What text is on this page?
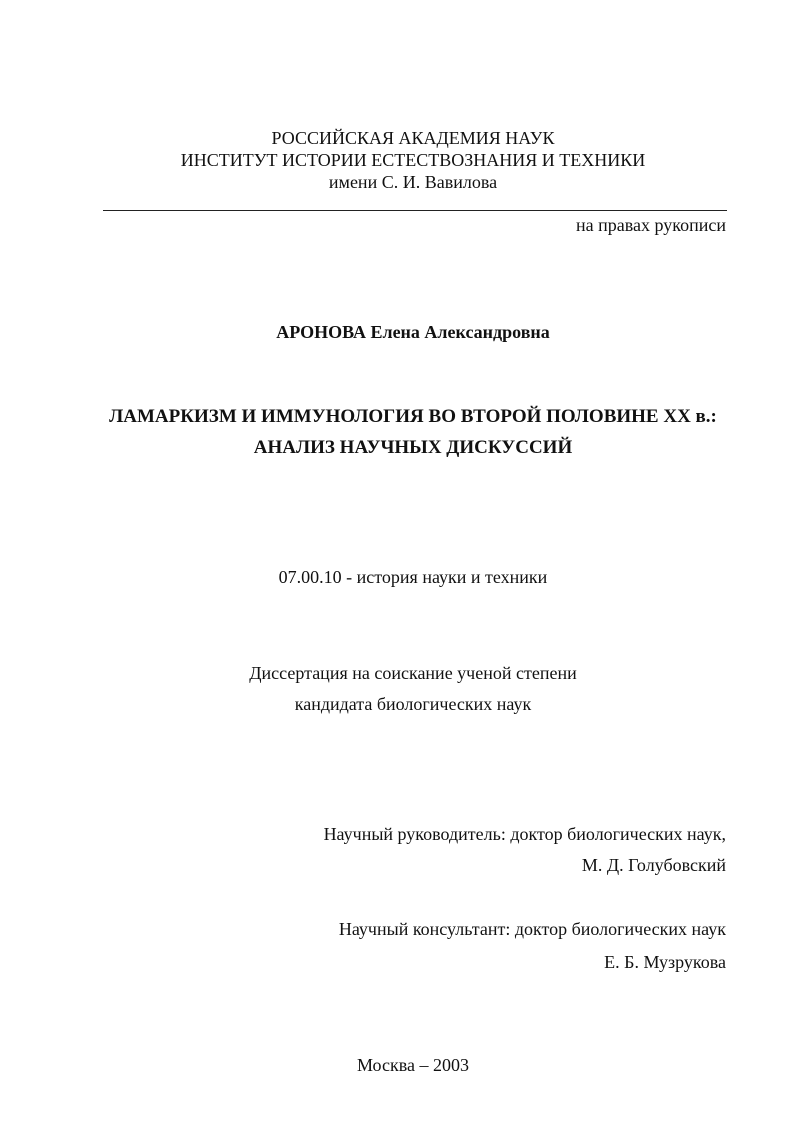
РОССИЙСКАЯ АКАДЕМИЯ НАУК
ИНСТИТУТ ИСТОРИИ ЕСТЕСТВОЗНАНИЯ И ТЕХНИКИ
имени С. И. Вавилова
на правах рукописи
АРОНОВА Елена Александровна
ЛАМАРКИЗМ И ИММУНОЛОГИЯ ВО ВТОРОЙ ПОЛОВИНЕ XX в.:
АНАЛИЗ НАУЧНЫХ ДИСКУССИЙ
07.00.10 - история науки и техники
Диссертация на соискание ученой степени
кандидата биологических наук
Научный руководитель: доктор биологических наук,
М. Д. Голубовский
Научный консультант: доктор биологических наук
Е. Б. Музрукова
Москва – 2003
